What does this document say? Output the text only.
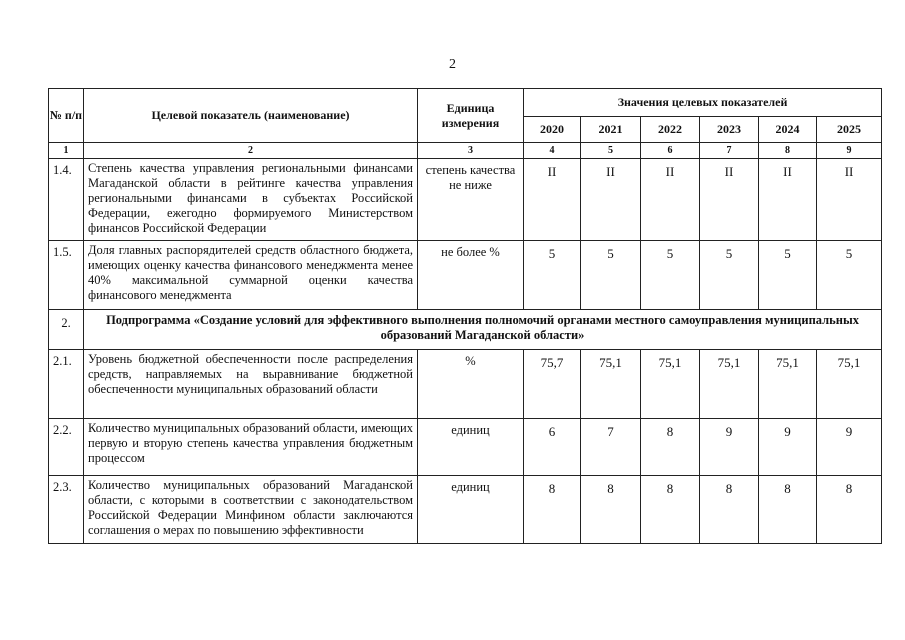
2
№ п/п	Целевой показатель (наименование)	Единица измерения	Значения целевых показателей					
			2020	2021	2022	2023	2024	2025
1	2	3	4	5	6	7	8	9
1.4.	Степень качества управления региональными финансами Магаданской области в рейтинге качества управления региональными финансами в субъектах Российской Федерации, ежегодно формируемого Министерством финансов Российской Федерации	степень качества не ниже	II	II	II	II	II	II
1.5.	Доля главных распорядителей средств областного бюджета, имеющих оценку качества финансового менеджмента менее 40% максимальной суммарной оценки качества финансового менеджмента	не более %	5	5	5	5	5	5
2.	Подпрограмма «Создание условий для эффективного выполнения полномочий органами местного самоуправления муниципальных образований Магаданской области»							
2.1.	Уровень бюджетной обеспеченности после распределения средств, направляемых на выравнивание бюджетной обеспеченности муниципальных образований области	%	75,7	75,1	75,1	75,1	75,1	75,1
2.2.	Количество муниципальных образований области, имеющих первую и вторую степень качества управления бюджетным процессом	единиц	6	7	8	9	9	9
2.3.	Количество муниципальных образований Магаданской области, с которыми в соответствии с законодательством Российской Федерации Минфином области заключаются соглашения о мерах по повышению эффективности	единиц	8	8	8	8	8	8
